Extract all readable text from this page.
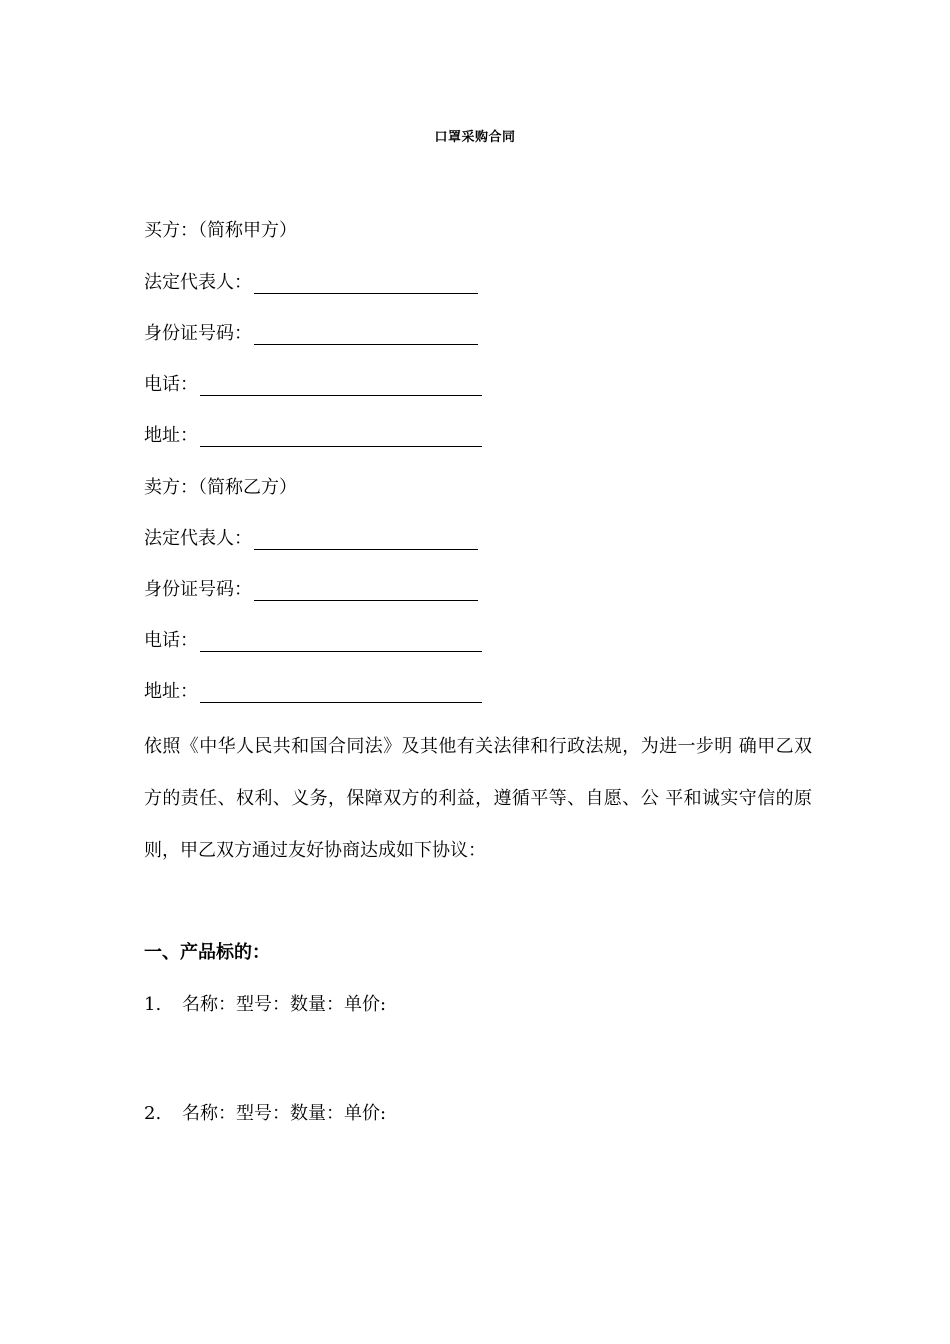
口罩采购合同
买方：（简称甲方）
法定代表人：
身份证号码：
电话：
地址：
卖方：（简称乙方）
法定代表人：
身份证号码：
电话：
地址：
依照《中华人民共和国合同法》及其他有关法律和行政法规，为进一步明 确甲乙双方的责任、权利、义务，保障双方的利益，遵循平等、自愿、公 平和诚实守信的原则，甲乙双方通过友好协商达成如下协议：
一、产品标的：
1. 名称：型号：数量：单价:
2. 名称：型号：数量：单价:
